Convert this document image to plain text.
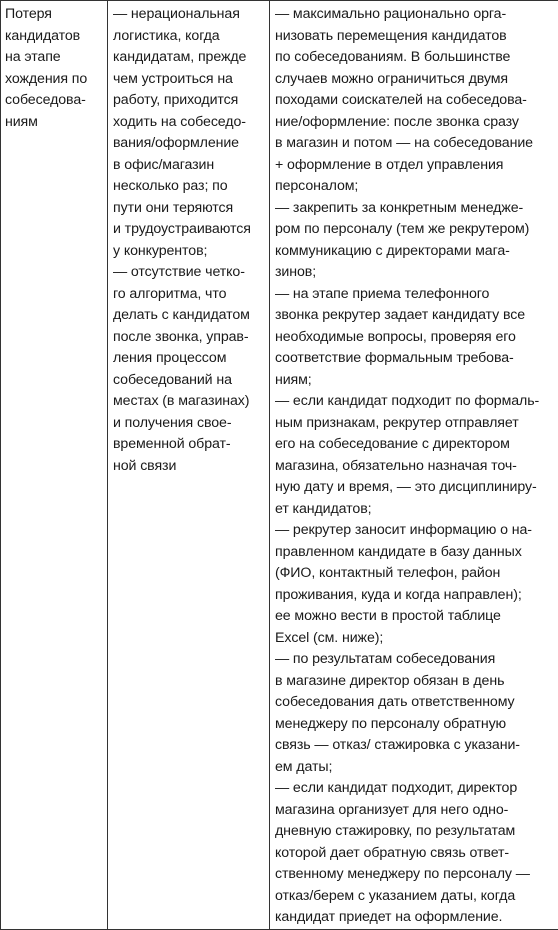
Потеря
кандидатов
на этапе
хождения по
собеседова-
ниям

— нерациональная
логистика, когда
кандидатам, прежде
чем устроиться на
работу, приходится
ходить на собеседо-
вания/оформление
в офис/магазин
несколько раз; по
пути они теряются
и трудоустраиваются
у конкурентов;
— отсутствие четко-
го алгоритма, что
делать с кандидатом
после звонка, управ-
ления процессом
собеседований на
местах (в магазинах)
и получения свое-
временной обрат-
ной связи

— максимально рационально орга-
низовать перемещения кандидатов
по собеседованиям. В большинстве
случаев можно ограничиться двумя
походами соискателей на собеседова-
ние/оформление: после звонка сразу
в магазин и потом — на собеседование
+ оформление в отдел управления
персоналом;
— закрепить за конкретным менедже-
ром по персоналу (тем же рекрутером)
коммуникацию с директорами мага-
зинов;
— на этапе приема телефонного
звонка рекрутер задает кандидату все
необходимые вопросы, проверяя его
соответствие формальным требова-
ниям;
— если кандидат подходит по формаль-
ным признакам, рекрутер отправляет
его на собеседование с директором
магазина, обязательно назначая точ-
ную дату и время, — это дисциплиниру-
ет кандидатов;
— рекрутер заносит информацию о на-
правленном кандидате в базу данных
(ФИО, контактный телефон, район
проживания, куда и когда направлен);
ее можно вести в простой таблице
Excel (см. ниже);
— по результатам собеседования
в магазине директор обязан в день
собеседования дать ответственному
менеджеру по персоналу обратную
связь — отказ/ стажировка с указани-
ем даты;
— если кандидат подходит, директор
магазина организует для него одно-
дневную стажировку, по результатам
которой дает обратную связь ответ-
ственному менеджеру по персоналу —
отказ/берем с указанием даты, когда
кандидат приедет на оформление.
